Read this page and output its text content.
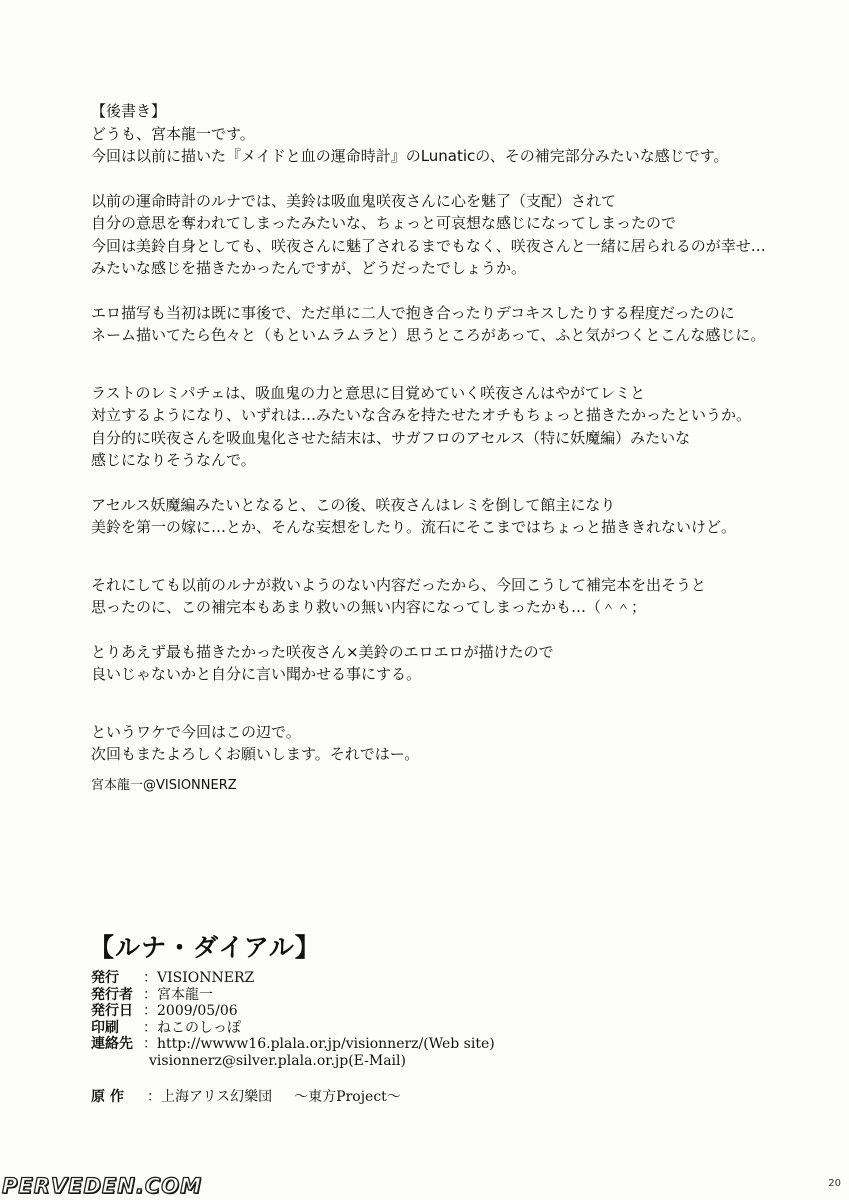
【後書き】
どうも、宮本龍一です。
今回は以前に描いた『メイドと血の運命時計』のLunaticの、その補完部分みたいな感じです。
以前の運命時計のルナでは、美鈴は吸血鬼咲夜さんに心を魅了（支配）されて
自分の意思を奪われてしまったみたいな、ちょっと可哀想な感じになってしまったので
今回は美鈴自身としても、咲夜さんに魅了されるまでもなく、咲夜さんと一緒に居られるのが幸せ…
みたいな感じを描きたかったんですが、どうだったでしょうか。
エロ描写も当初は既に事後で、ただ単に二人で抱き合ったりデコキスしたりする程度だったのに
ネーム描いてたら色々と（もといムラムラと）思うところがあって、ふと気がつくとこんな感じに。
ラストのレミパチェは、吸血鬼の力と意思に目覚めていく咲夜さんはやがてレミと
対立するようになり、いずれは…みたいな含みを持たせたオチもちょっと描きたかったというか。
自分的に咲夜さんを吸血鬼化させた結末は、サガフロのアセルス（特に妖魔編）みたいな
感じになりそうなんで。
アセルス妖魔編みたいとなると、この後、咲夜さんはレミを倒して館主になり
美鈴を第一の嫁に…とか、そんな妄想をしたり。流石にそこまではちょっと描ききれないけど。
それにしても以前のルナが救いようのない内容だったから、今回こうして補完本を出そうと
思ったのに、この補完本もあまり救いの無い内容になってしまったかも…（＾＾；
とりあえず最も描きたかった咲夜さん×美鈴のエロエロが描けたので
良いじゃないかと自分に言い聞かせる事にする。
というワケで今回はこの辺で。
次回もまたよろしくお願いします。それではー。
宮本龍一@VISIONNERZ
【ルナ・ダイアル】
発行	：VISIONNERZ
発行者 ：宮本龍一
発行日 ：2009/05/06
印刷	：ねこのしっぽ
連絡先 ：http://wwww16.plala.or.jp/visionnerz/(Web site)
visionnerz@silver.plala.or.jp(E-Mail)
原作	：上海アリス幻樂団 ～東方Project～
PERVEDEN.COM	20
